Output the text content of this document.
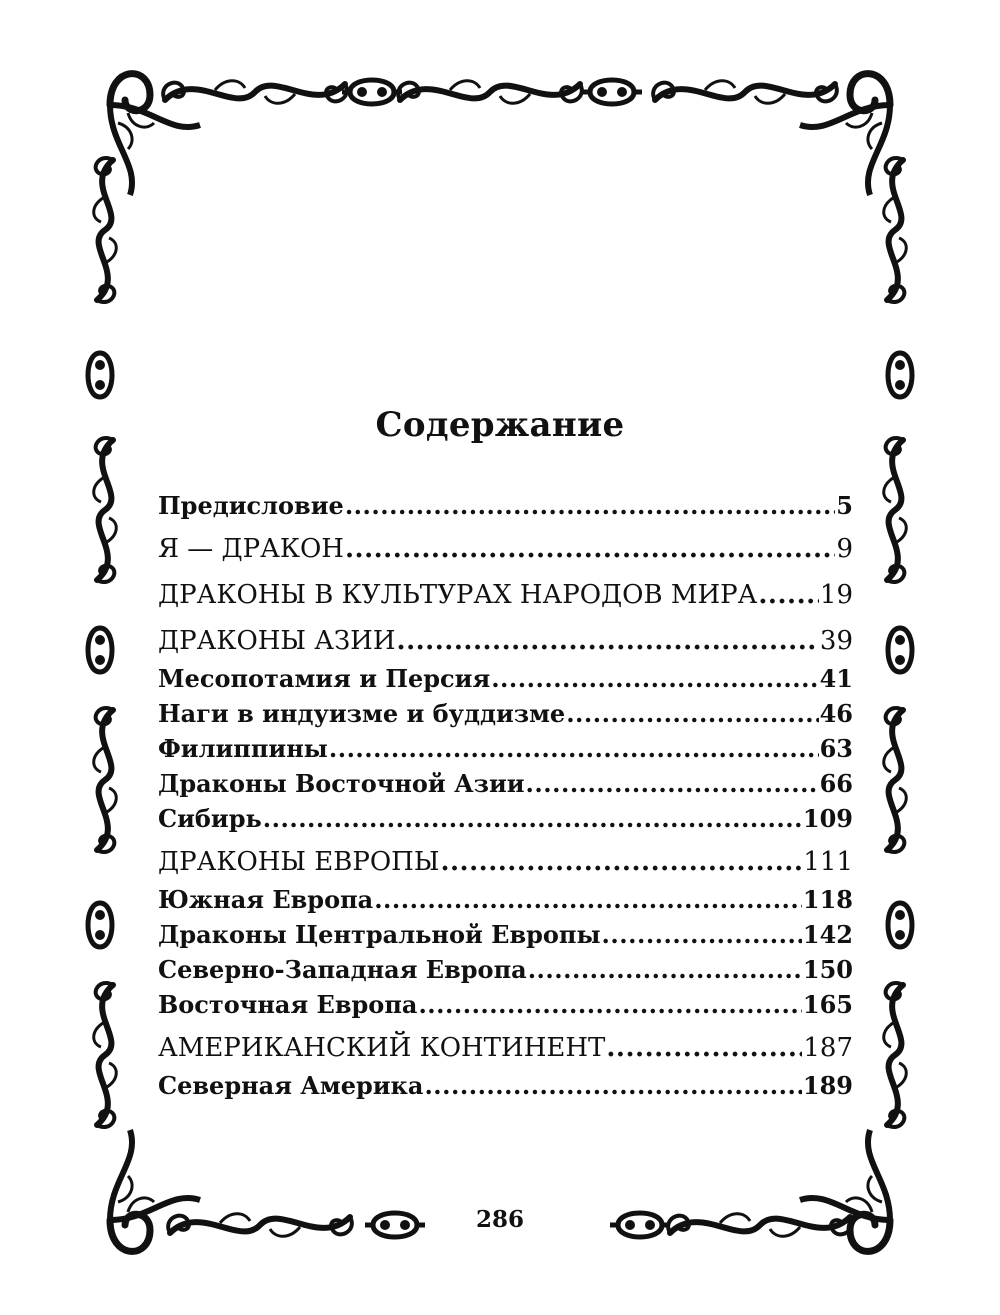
Содержание
Предисловие .....	5
Я — ДРАКОН .....	9
ДРАКОНЫ В КУЛЬТУРАХ НАРОДОВ МИРА ..... 19
ДРАКОНЫ АЗИИ .....	39
Месопотамия и Персия .....	41
Наги в индуизме и буддизме .....	46
Филиппины .....	63
Драконы Восточной Азии .....	66
Сибирь .....	109
ДРАКОНЫ ЕВРОПЫ .....	111
Южная Европа .....	118
Драконы Центральной Европы .....	142
Северно-Западная Европа .....	150
Восточная Европа .....	165
АМЕРИКАНСКИЙ КОНТИНЕНТ .....	187
Северная Америка .....	189
286
